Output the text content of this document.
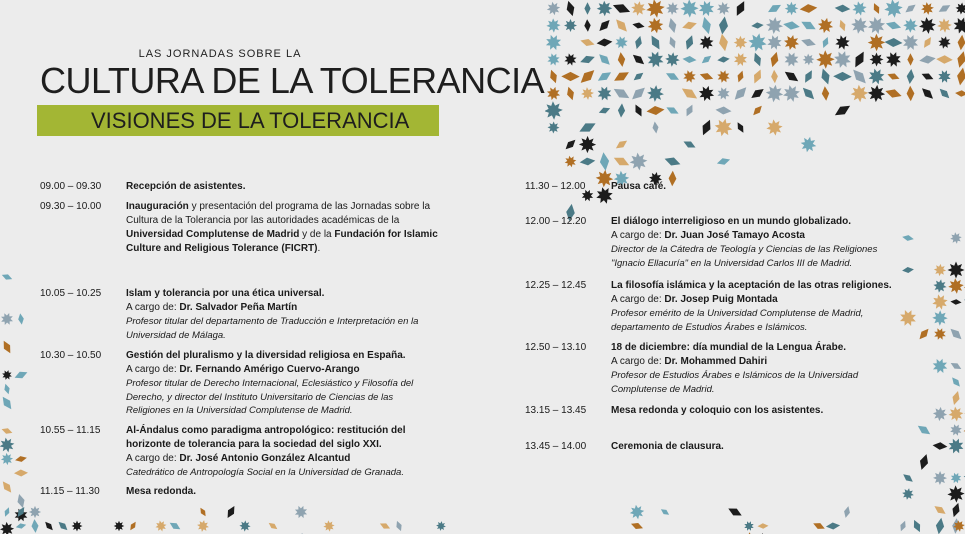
LAS JORNADAS SOBRE LA
CULTURA DE LA TOLERANCIA
VISIONES DE LA TOLERANCIA
09.00 – 09.30	Recepción de asistentes.
09.30 – 10.00	Inauguración y presentación del programa de las Jornadas sobre la Cultura de la Tolerancia por las autoridades académicas de la Universidad Complutense de Madrid y de la Fundación for Islamic Culture and Religious Tolerance (FICRT).
10.05 – 10.25	Islam y tolerancia por una ética universal.
A cargo de: Dr. Salvador Peña Martín
Profesor titular del departamento de Traducción e Interpretación en la Universidad de Málaga.
10.30 – 10.50	Gestión del pluralismo y la diversidad religiosa en España.
A cargo de: Dr. Fernando Amérigo Cuervo-Arango
Profesor titular de Derecho Internacional, Eclesiástico y Filosofía del Derecho, y director del Instituto Universitario de Ciencias de las Religiones en la Universidad Complutense de Madrid.
10.55 – 11.15	Al-Ándalus como paradigma antropológico: restitución del horizonte de tolerancia para la sociedad del siglo XXI.
A cargo de: Dr. José Antonio González Alcantud
Catedrático de Antropología Social en la Universidad de Granada.
11.15 – 11.30	Mesa redonda.
11.30 – 12.00	Pausa café.
12.00 – 12.20	El diálogo interreligioso en un mundo globalizado.
A cargo de: Dr. Juan José Tamayo Acosta
Director de la Cátedra de Teología y Ciencias de las Religiones "Ignacio Ellacuría" en la Universidad Carlos III de Madrid.
12.25 – 12.45	La filosofía islámica y la aceptación de las otras religiones.
A cargo de: Dr. Josep Puig Montada
Profesor emérito de la Universidad Complutense de Madrid, departamento de Estudios Árabes e Islámicos.
12.50 – 13.10	18 de diciembre: día mundial de la Lengua Árabe.
A cargo de: Dr. Mohammed Dahiri
Profesor de Estudios Árabes e Islámicos de la Universidad Complutense de Madrid.
13.15 – 13.45	Mesa redonda y coloquio con los asistentes.
13.45 – 14.00	Ceremonia de clausura.
